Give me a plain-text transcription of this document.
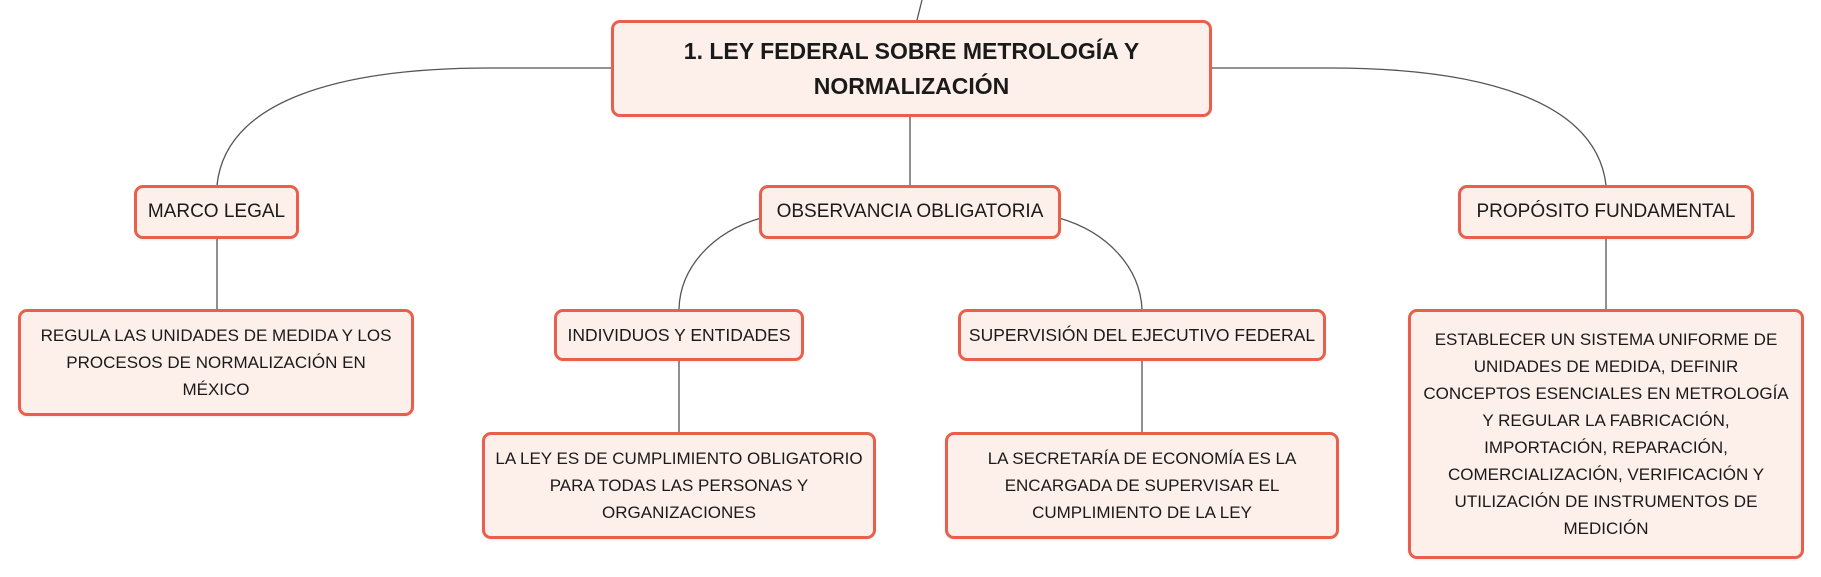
1. LEY FEDERAL SOBRE METROLOGÍA Y NORMALIZACIÓN
MARCO LEGAL	OBSERVANCIA OBLIGATORIA	PROPÓSITO FUNDAMENTAL
REGULA LAS UNIDADES DE MEDIDA Y LOS PROCESOS DE NORMALIZACIÓN EN MÉXICO
INDIVIDUOS Y ENTIDADES	SUPERVISIÓN DEL EJECUTIVO FEDERAL
LA LEY ES DE CUMPLIMIENTO OBLIGATORIO PARA TODAS LAS PERSONAS Y ORGANIZACIONES
LA SECRETARÍA DE ECONOMÍA ES LA ENCARGADA DE SUPERVISAR EL CUMPLIMIENTO DE LA LEY
ESTABLECER UN SISTEMA UNIFORME DE UNIDADES DE MEDIDA, DEFINIR CONCEPTOS ESENCIALES EN METROLOGÍA Y REGULAR LA FABRICACIÓN, IMPORTACIÓN, REPARACIÓN, COMERCIALIZACIÓN, VERIFICACIÓN Y UTILIZACIÓN DE INSTRUMENTOS DE MEDICIÓN
